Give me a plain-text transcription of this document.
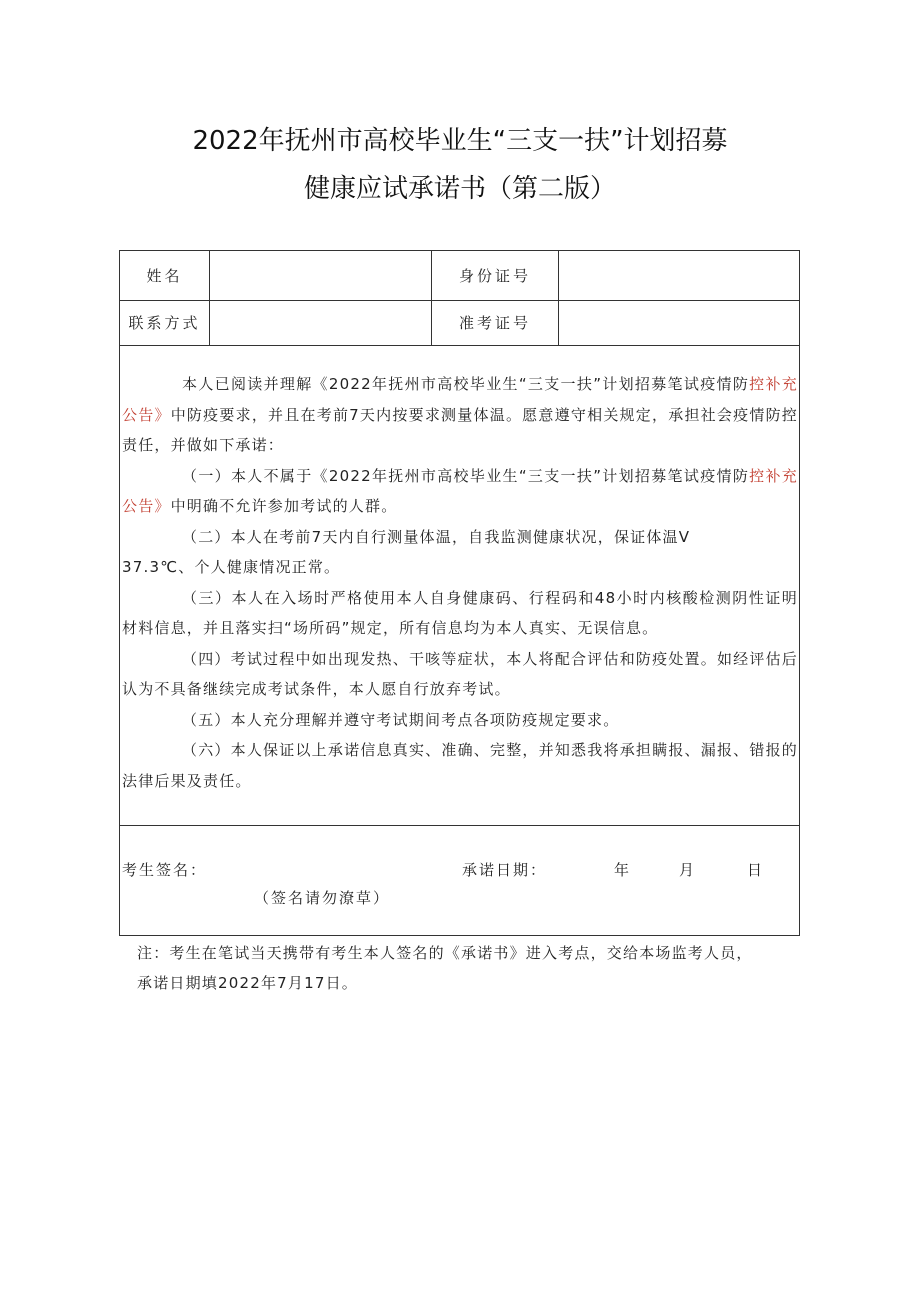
2022年抚州市高校毕业生“三支一扶”计划招募
健康应试承诺书（第二版）
姓名	身份证号
联系方式	准考证号

本人已阅读并理解《2022年抚州市高校毕业生“三支一扶”计划招募笔试疫情防控补充公告》中防疫要求，并且在考前7天内按要求测量体温。愿意遵守相关规定，承担社会疫情防控责任，并做如下承诺：

（一）本人不属于《2022年抚州市高校毕业生“三支一扶”计划招募笔试疫情防控补充公告》中明确不允许参加考试的人群。

（二）本人在考前7天内自行测量体温，自我监测健康状况，保证体温V

37.3℃、个人健康情况正常。

（三）本人在入场时严格使用本人自身健康码、行程码和48小时内核酸检测阴性证明材料信息，并且落实扫“场所码”规定，所有信息均为本人真实、无误信息。

（四）考试过程中如出现发热、干咳等症状，本人将配合评估和防疫处置。如经评估后认为不具备继续完成考试条件，本人愿自行放弃考试。

（五）本人充分理解并遵守考试期间考点各项防疫规定要求。

（六）本人保证以上承诺信息真实、准确、完整，并知悉我将承担瞒报、漏报、错报的法律后果及责任。

考生签名：
（签名请勿潦草）
承诺日期：	年	月	日

注：考生在笔试当天携带有考生本人签名的《承诺书》进入考点，交给本场监考人员，

承诺日期填2022年7月17日。
